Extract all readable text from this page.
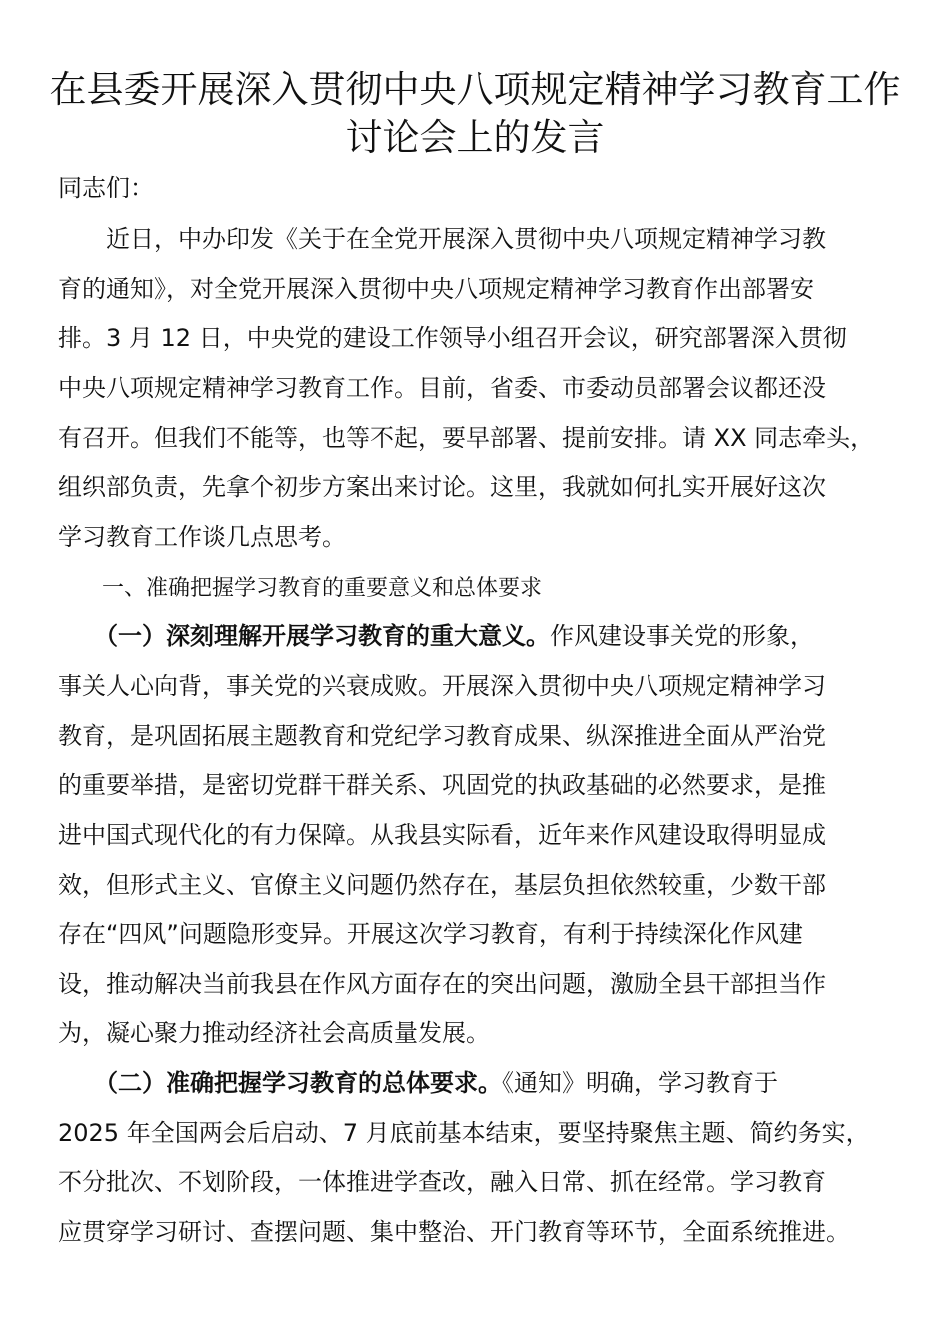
在县委开展深入贯彻中央八项规定精神学习教育工作
讨论会上的发言

同志们：

　　近日，中办印发《关于在全党开展深入贯彻中央八项规定精神学习教

育的通知》，对全党开展深入贯彻中央八项规定精神学习教育作出部署安

排。3 月 12 日，中央党的建设工作领导小组召开会议，研究部署深入贯彻

中央八项规定精神学习教育工作。目前，省委、市委动员部署会议都还没

有召开。但我们不能等，也等不起，要早部署、提前安排。请 XX 同志牵头，

组织部负责，先拿个初步方案出来讨论。这里，我就如何扎实开展好这次

学习教育工作谈几点思考。

　　一、准确把握学习教育的重要意义和总体要求

　　（一）深刻理解开展学习教育的重大意义。作风建设事关党的形象，

事关人心向背，事关党的兴衰成败。开展深入贯彻中央八项规定精神学习

教育，是巩固拓展主题教育和党纪学习教育成果、纵深推进全面从严治党

的重要举措，是密切党群干群关系、巩固党的执政基础的必然要求，是推

进中国式现代化的有力保障。从我县实际看，近年来作风建设取得明显成

效，但形式主义、官僚主义问题仍然存在，基层负担依然较重，少数干部

存在“四风”问题隐形变异。开展这次学习教育，有利于持续深化作风建

设，推动解决当前我县在作风方面存在的突出问题，激励全县干部担当作

为，凝心聚力推动经济社会高质量发展。

　　（二）准确把握学习教育的总体要求。《通知》明确，学习教育于

2025 年全国两会后启动、7 月底前基本结束，要坚持聚焦主题、简约务实，

不分批次、不划阶段，一体推进学查改，融入日常、抓在经常。学习教育

应贯穿学习研讨、查摆问题、集中整治、开门教育等环节，全面系统推进。
